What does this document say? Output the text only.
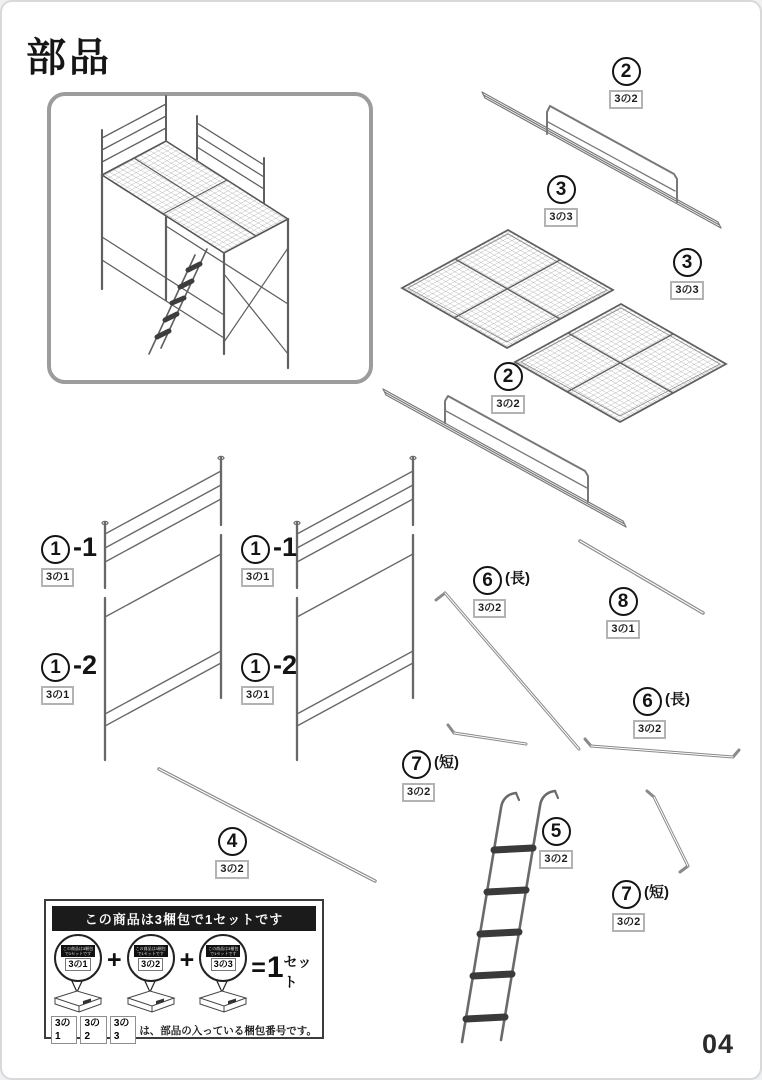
部品	2
3の2
3
3の3
3
3の3
2
3の2
1 -1
3の1
1 -1
3の1
1 -2
3の1
1 -2
3の1
6 (長)
3の2	8
3の1
6 (長)
3の2
7 (短)
3の2
4
3の2
5
3の2
7 (短)
3の2
この商品は3梱包で1セットです
この商品は3梱包で1セットです
3の1 +	この商品は3梱包で1セットです
3の2 +	この商品は3梱包で1セットです
3の3 = 1 セット
3の1
3の2
3の3	は、部品の入っている梱包番号です。	04
